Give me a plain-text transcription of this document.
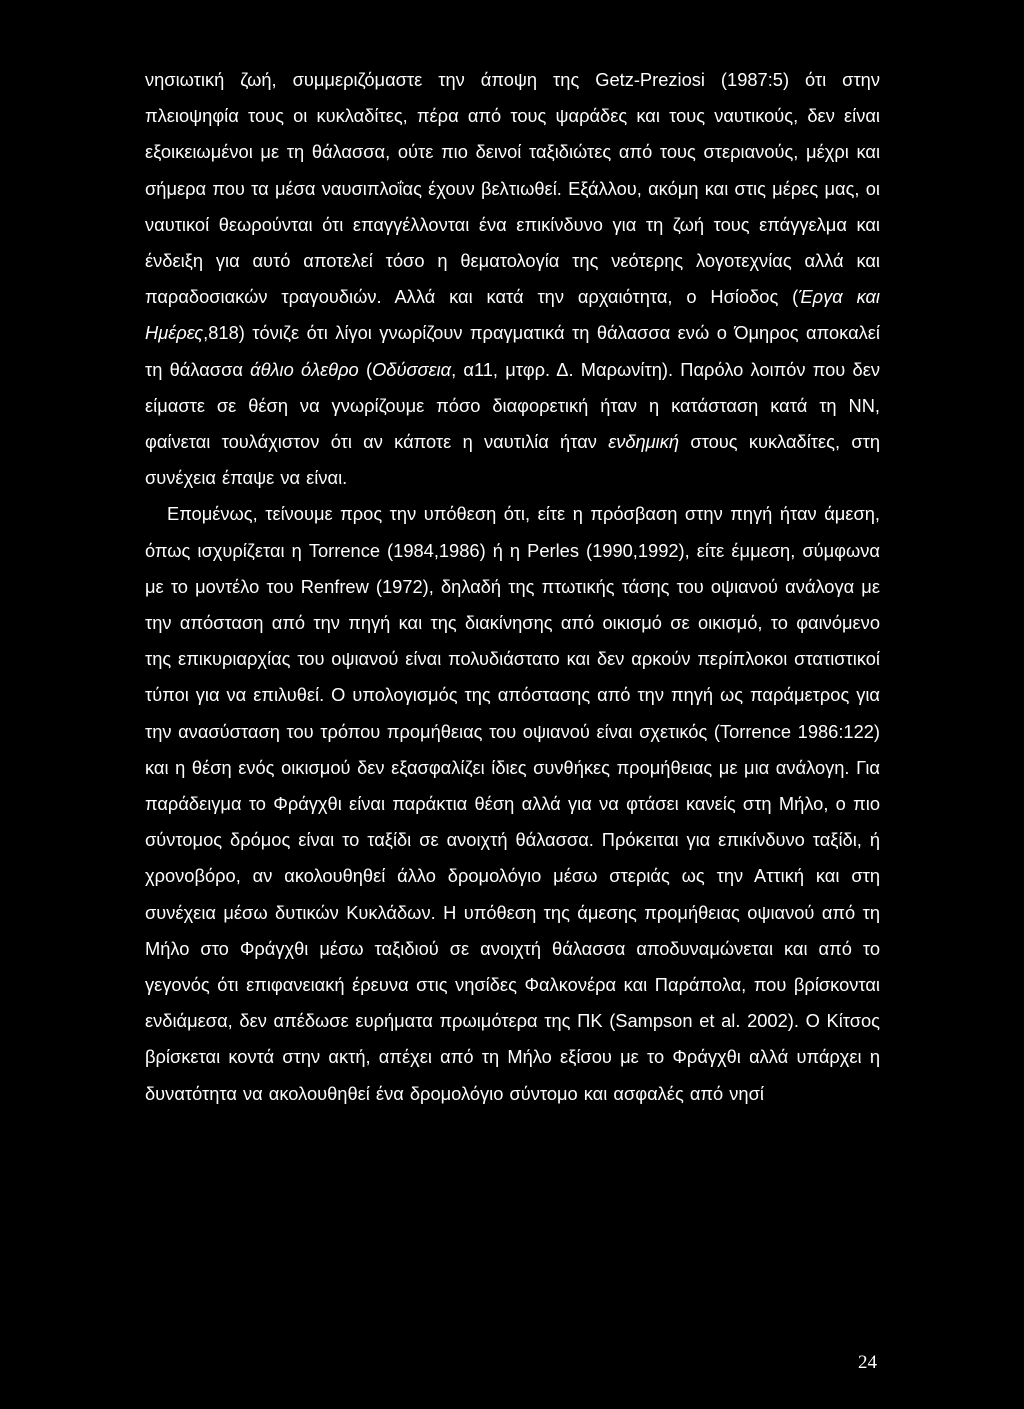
νησιωτική ζωή, συμμεριζόμαστε την άποψη της Getz-Preziosi (1987:5) ότι στην πλειοψηφία τους οι κυκλαδίτες, πέρα από τους ψαράδες και τους ναυτικούς, δεν είναι εξοικειωμένοι με τη θάλασσα, ούτε πιο δεινοί ταξιδιώτες από τους στεριανούς, μέχρι και σήμερα που τα μέσα ναυσιπλοΐας έχουν βελτιωθεί. Εξάλλου, ακόμη και στις μέρες μας, οι ναυτικοί θεωρούνται ότι επαγγέλλονται ένα επικίνδυνο για τη ζωή τους επάγγελμα και ένδειξη για αυτό αποτελεί τόσο η θεματολογία της νεότερης λογοτεχνίας αλλά και παραδοσιακών τραγουδιών. Αλλά και κατά την αρχαιότητα, ο Ησίοδος (Έργα και Ημέρες,818) τόνιζε ότι λίγοι γνωρίζουν πραγματικά τη θάλασσα ενώ ο Όμηρος αποκαλεί τη θάλασσα άθλιο όλεθρο (Οδύσσεια, α11, μτφρ. Δ. Μαρωνίτη). Παρόλο λοιπόν που δεν είμαστε σε θέση να γνωρίζουμε πόσο διαφορετική ήταν η κατάσταση κατά τη ΝΝ, φαίνεται τουλάχιστον ότι αν κάποτε η ναυτιλία ήταν ενδημική στους κυκλαδίτες, στη συνέχεια έπαψε να είναι.

Επομένως, τείνουμε προς την υπόθεση ότι, είτε η πρόσβαση στην πηγή ήταν άμεση, όπως ισχυρίζεται η Torrence (1984,1986) ή η Perles (1990,1992), είτε έμμεση, σύμφωνα με το μοντέλο του Renfrew (1972), δηλαδή της πτωτικής τάσης του οψιανού ανάλογα με την απόσταση από την πηγή και της διακίνησης από οικισμό σε οικισμό, το φαινόμενο της επικυριαρχίας του οψιανού είναι πολυδιάστατο και δεν αρκούν περίπλοκοι στατιστικοί τύποι για να επιλυθεί. Ο υπολογισμός της απόστασης από την πηγή ως παράμετρος για την ανασύσταση του τρόπου προμήθειας του οψιανού είναι σχετικός (Torrence 1986:122) και η θέση ενός οικισμού δεν εξασφαλίζει ίδιες συνθήκες προμήθειας με μια ανάλογη. Για παράδειγμα το Φράγχθι είναι παράκτια θέση αλλά για να φτάσει κανείς στη Μήλο, ο πιο σύντομος δρόμος είναι το ταξίδι σε ανοιχτή θάλασσα. Πρόκειται για επικίνδυνο ταξίδι, ή χρονοβόρο, αν ακολουθηθεί άλλο δρομολόγιο μέσω στεριάς ως την Αττική και στη συνέχεια μέσω δυτικών Κυκλάδων. Η υπόθεση της άμεσης προμήθειας οψιανού από τη Μήλο στο Φράγχθι μέσω ταξιδιού σε ανοιχτή θάλασσα αποδυναμώνεται και από το γεγονός ότι επιφανειακή έρευνα στις νησίδες Φαλκονέρα και Παράπολα, που βρίσκονται ενδιάμεσα, δεν απέδωσε ευρήματα πρωιμότερα της ΠΚ (Sampson et al. 2002). Ο Κίτσος βρίσκεται κοντά στην ακτή, απέχει από τη Μήλο εξίσου με το Φράγχθι αλλά υπάρχει η δυνατότητα να ακολουθηθεί ένα δρομολόγιο σύντομο και ασφαλές από νησί

24
